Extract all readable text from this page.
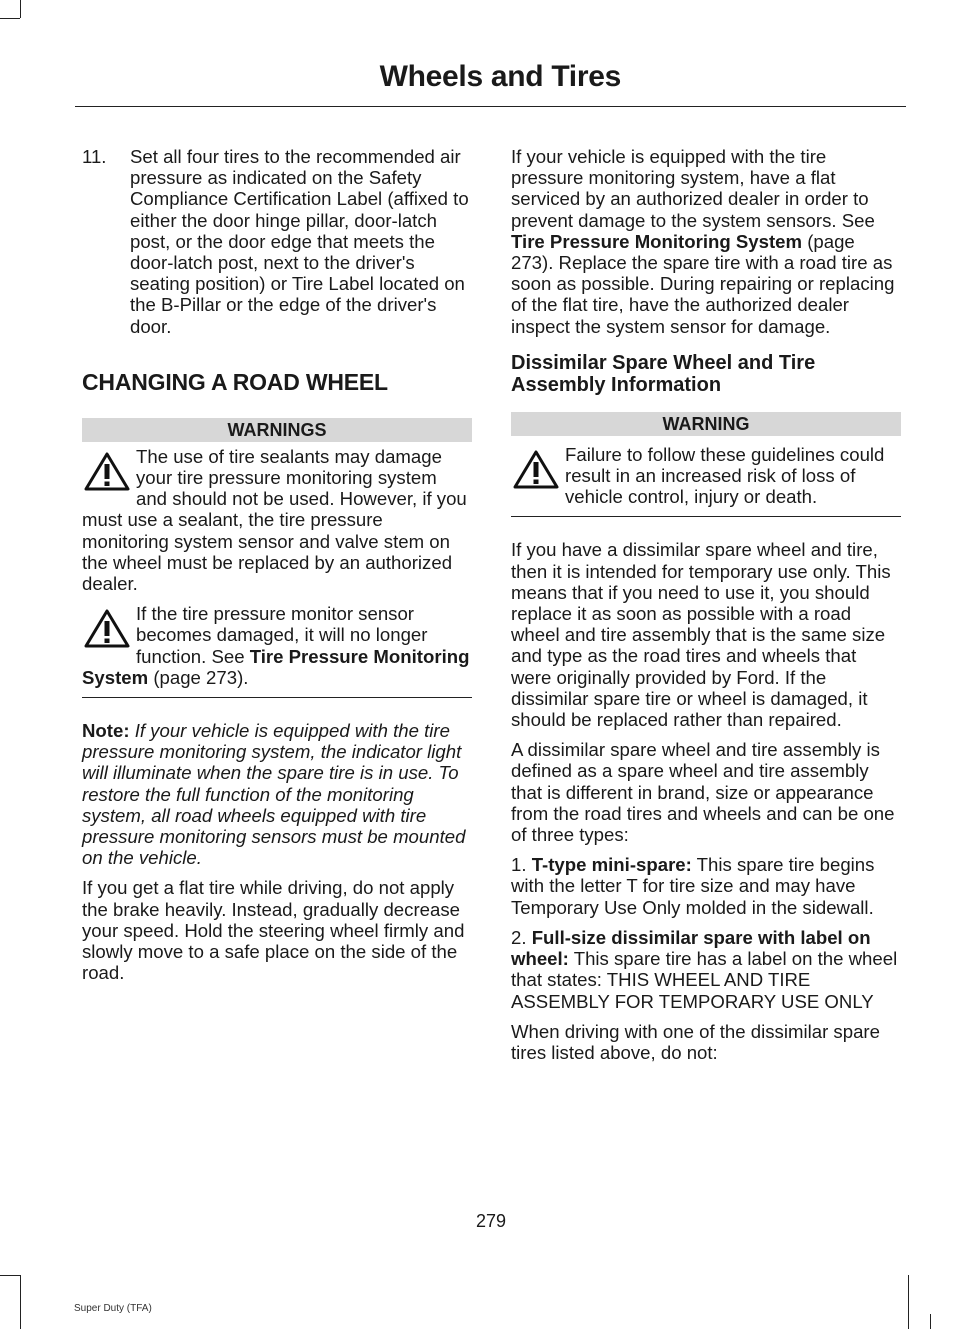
Wheels and Tires
11.	Set all four tires to the recommended air pressure as indicated on the Safety Compliance Certification Label (affixed to either the door hinge pillar, door-latch post, or the door edge that meets the door-latch post, next to the driver's seating position) or Tire Label located on the B-Pillar or the edge of the driver's door.
CHANGING A ROAD WHEEL
WARNINGS
The use of tire sealants may damage your tire pressure monitoring system and should not be used. However, if you must use a sealant, the tire pressure monitoring system sensor and valve stem on the wheel must be replaced by an authorized dealer.
If the tire pressure monitor sensor becomes damaged, it will no longer function. See Tire Pressure Monitoring System (page 273).

Note: If your vehicle is equipped with the tire pressure monitoring system, the indicator light will illuminate when the spare tire is in use. To restore the full function of the monitoring system, all road wheels equipped with tire pressure monitoring sensors must be mounted on the vehicle.

If you get a flat tire while driving, do not apply the brake heavily. Instead, gradually decrease your speed. Hold the steering wheel firmly and slowly move to a safe place on the side of the road.

If your vehicle is equipped with the tire pressure monitoring system, have a flat serviced by an authorized dealer in order to prevent damage to the system sensors. See Tire Pressure Monitoring System (page 273). Replace the spare tire with a road tire as soon as possible. During repairing or replacing of the flat tire, have the authorized dealer inspect the system sensor for damage.

Dissimilar Spare Wheel and Tire Assembly Information
WARNING
Failure to follow these guidelines could result in an increased risk of loss of vehicle control, injury or death.

If you have a dissimilar spare wheel and tire, then it is intended for temporary use only. This means that if you need to use it, you should replace it as soon as possible with a road wheel and tire assembly that is the same size and type as the road tires and wheels that were originally provided by Ford. If the dissimilar spare tire or wheel is damaged, it should be replaced rather than repaired.

A dissimilar spare wheel and tire assembly is defined as a spare wheel and tire assembly that is different in brand, size or appearance from the road tires and wheels and can be one of three types:

1. T-type mini-spare: This spare tire begins with the letter T for tire size and may have Temporary Use Only molded in the sidewall.

2. Full-size dissimilar spare with label on wheel: This spare tire has a label on the wheel that states: THIS WHEEL AND TIRE ASSEMBLY FOR TEMPORARY USE ONLY

When driving with one of the dissimilar spare tires listed above, do not:

279
Super Duty (TFA)
